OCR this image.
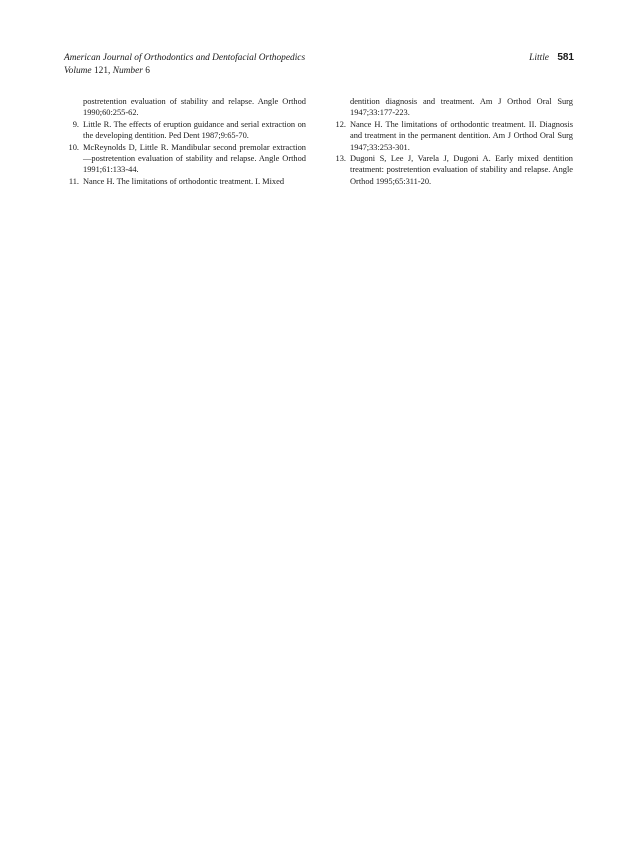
American Journal of Orthodontics and Dentofacial Orthopedics
Volume 121, Number 6
Little 581
postretention evaluation of stability and relapse. Angle Orthod 1990;60:255-62.
9. Little R. The effects of eruption guidance and serial extraction on the developing dentition. Ped Dent 1987;9:65-70.
10. McReynolds D, Little R. Mandibular second premolar extraction—postretention evaluation of stability and relapse. Angle Orthod 1991;61:133-44.
11. Nance H. The limitations of orthodontic treatment. I. Mixed
dentition diagnosis and treatment. Am J Orthod Oral Surg 1947;33:177-223.
12. Nance H. The limitations of orthodontic treatment. II. Diagnosis and treatment in the permanent dentition. Am J Orthod Oral Surg 1947;33:253-301.
13. Dugoni S, Lee J, Varela J, Dugoni A. Early mixed dentition treatment: postretention evaluation of stability and relapse. Angle Orthod 1995;65:311-20.
